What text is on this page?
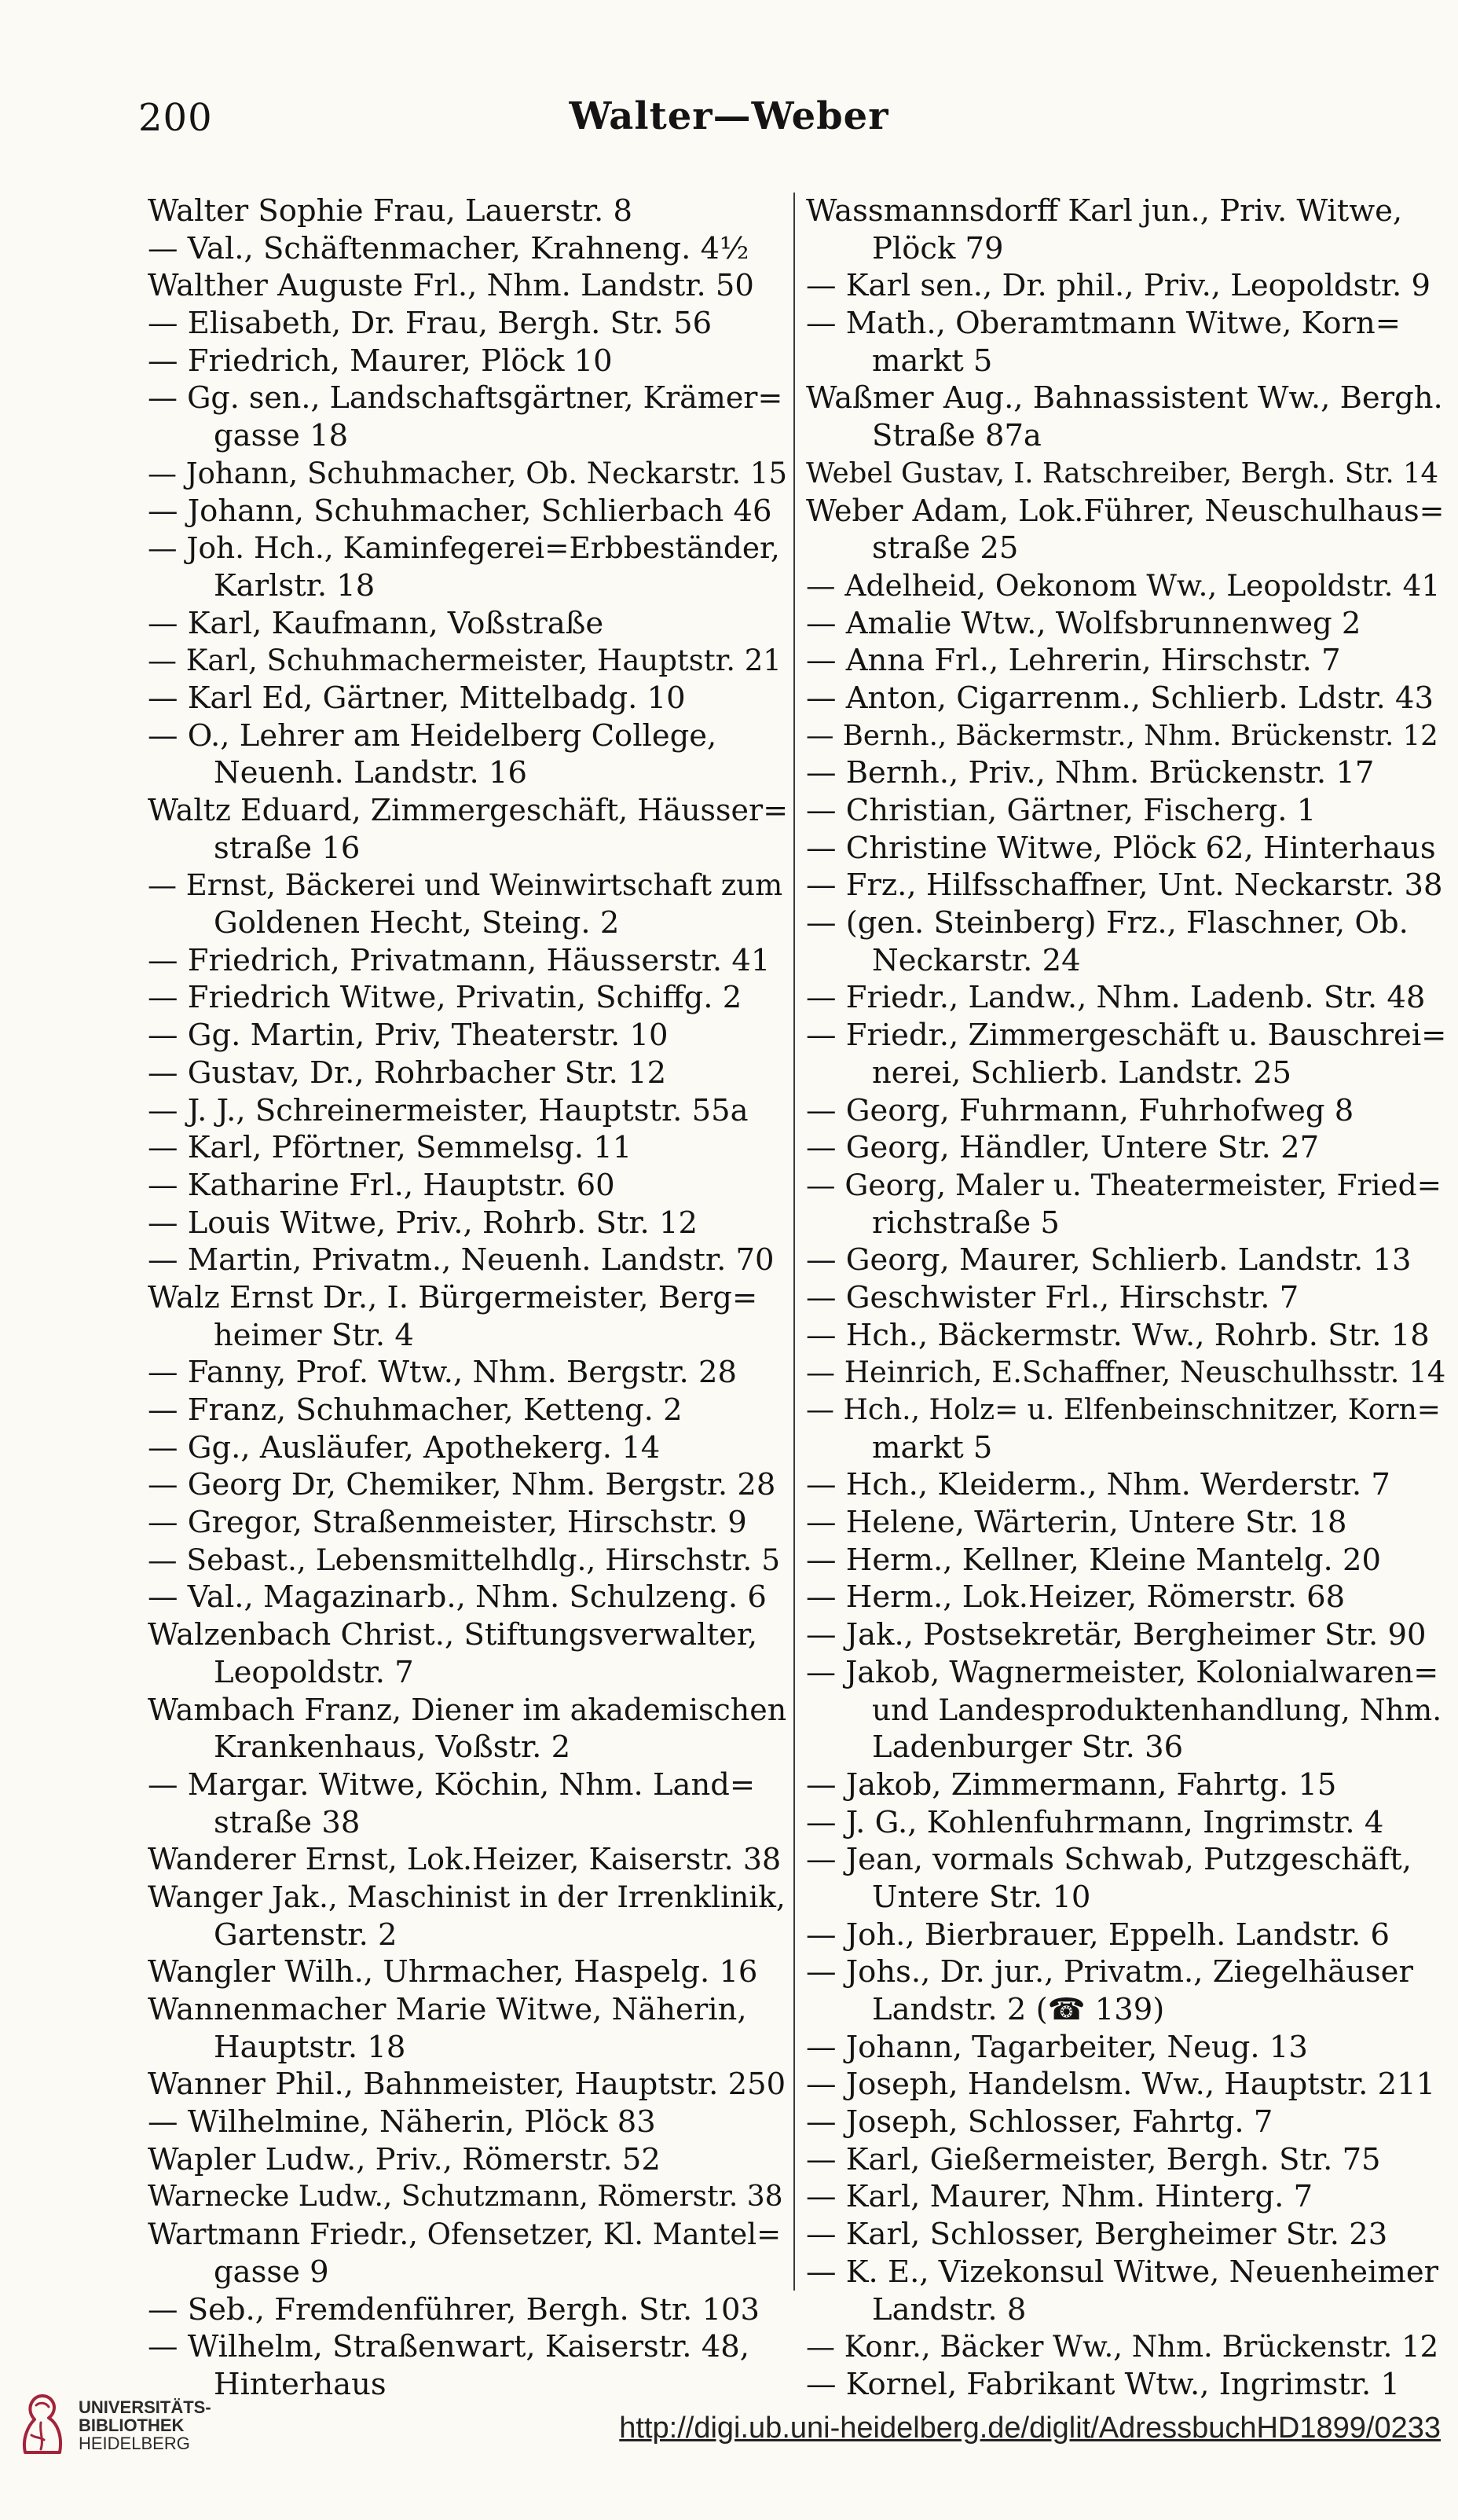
200	Walter—Weber
Walter Sophie Frau, Lauerstr. 8
— Val., Schäftenmacher, Krahneng. 4½
Walther Auguste Frl., Nhm. Landstr. 50
— Elisabeth, Dr. Frau, Bergh. Str. 56
— Friedrich, Maurer, Plöck 10
— Gg. sen., Landschaftsgärtner, Krämer=
gasse 18
— Johann, Schuhmacher, Ob. Neckarstr. 15
— Johann, Schuhmacher, Schlierbach 46
— Joh. Hch., Kaminfegerei=Erbbeständer,
Karlstr. 18
— Karl, Kaufmann, Voßstraße
— Karl, Schuhmachermeister, Hauptstr. 21
— Karl Ed, Gärtner, Mittelbadg. 10
— O., Lehrer am Heidelberg College,
Neuenh. Landstr. 16
Waltz Eduard, Zimmergeschäft, Häusser=
straße 16
— Ernst, Bäckerei und Weinwirtschaft zum
Goldenen Hecht, Steing. 2
— Friedrich, Privatmann, Häusserstr. 41
— Friedrich Witwe, Privatin, Schiffg. 2
— Gg. Martin, Priv, Theaterstr. 10
— Gustav, Dr., Rohrbacher Str. 12
— J. J., Schreinermeister, Hauptstr. 55a
— Karl, Pförtner, Semmelsg. 11
— Katharine Frl., Hauptstr. 60
— Louis Witwe, Priv., Rohrb. Str. 12
— Martin, Privatm., Neuenh. Landstr. 70
Walz Ernst Dr., I. Bürgermeister, Berg=
heimer Str. 4
— Fanny, Prof. Wtw., Nhm. Bergstr. 28
— Franz, Schuhmacher, Ketteng. 2
— Gg., Ausläufer, Apothekerg. 14
— Georg Dr, Chemiker, Nhm. Bergstr. 28
— Gregor, Straßenmeister, Hirschstr. 9
— Sebast., Lebensmittelhdlg., Hirschstr. 5
— Val., Magazinarb., Nhm. Schulzeng. 6
Walzenbach Christ., Stiftungsverwalter,
Leopoldstr. 7
Wambach Franz, Diener im akademischen
Krankenhaus, Voßstr. 2
— Margar. Witwe, Köchin, Nhm. Land=
straße 38
Wanderer Ernst, Lok.Heizer, Kaiserstr. 38
Wanger Jak., Maschinist in der Irrenklinik,
Gartenstr. 2
Wangler Wilh., Uhrmacher, Haspelg. 16
Wannenmacher Marie Witwe, Näherin,
Hauptstr. 18
Wanner Phil., Bahnmeister, Hauptstr. 250
— Wilhelmine, Näherin, Plöck 83
Wapler Ludw., Priv., Römerstr. 52
Warnecke Ludw., Schutzmann, Römerstr. 38
Wartmann Friedr., Ofensetzer, Kl. Mantel=
gasse 9
— Seb., Fremdenführer, Bergh. Str. 103
— Wilhelm, Straßenwart, Kaiserstr. 48,
Hinterhaus
Wassmannsdorff Karl jun., Priv. Witwe,
Plöck 79
— Karl sen., Dr. phil., Priv., Leopoldstr. 9
— Math., Oberamtmann Witwe, Korn=
markt 5
Waßmer Aug., Bahnassistent Ww., Bergh.
Straße 87a
Webel Gustav, I. Ratschreiber, Bergh. Str. 14
Weber Adam, Lok.Führer, Neuschulhaus=
straße 25
— Adelheid, Oekonom Ww., Leopoldstr. 41
— Amalie Wtw., Wolfsbrunnenweg 2
— Anna Frl., Lehrerin, Hirschstr. 7
— Anton, Cigarrenm., Schlierb. Ldstr. 43
— Bernh., Bäckermstr., Nhm. Brückenstr. 12
— Bernh., Priv., Nhm. Brückenstr. 17
— Christian, Gärtner, Fischerg. 1
— Christine Witwe, Plöck 62, Hinterhaus
— Frz., Hilfsschaffner, Unt. Neckarstr. 38
— (gen. Steinberg) Frz., Flaschner, Ob.
Neckarstr. 24
— Friedr., Landw., Nhm. Ladenb. Str. 48
— Friedr., Zimmergeschäft u. Bauschrei=
nerei, Schlierb. Landstr. 25
— Georg, Fuhrmann, Fuhrhofweg 8
— Georg, Händler, Untere Str. 27
— Georg, Maler u. Theatermeister, Fried=
richstraße 5
— Georg, Maurer, Schlierb. Landstr. 13
— Geschwister Frl., Hirschstr. 7
— Hch., Bäckermstr. Ww., Rohrb. Str. 18
— Heinrich, E.Schaffner, Neuschulhsstr. 14
— Hch., Holz= u. Elfenbeinschnitzer, Korn=
markt 5
— Hch., Kleiderm., Nhm. Werderstr. 7
— Helene, Wärterin, Untere Str. 18
— Herm., Kellner, Kleine Mantelg. 20
— Herm., Lok.Heizer, Römerstr. 68
— Jak., Postsekretär, Bergheimer Str. 90
— Jakob, Wagnermeister, Kolonialwaren=
und Landesproduktenhandlung, Nhm.
Ladenburger Str. 36
— Jakob, Zimmermann, Fahrtg. 15
— J. G., Kohlenfuhrmann, Ingrimstr. 4
— Jean, vormals Schwab, Putzgeschäft,
Untere Str. 10
— Joh., Bierbrauer, Eppelh. Landstr. 6
— Johs., Dr. jur., Privatm., Ziegelhäuser
Landstr. 2 (☎ 139)
— Johann, Tagarbeiter, Neug. 13
— Joseph, Handelsm. Ww., Hauptstr. 211
— Joseph, Schlosser, Fahrtg. 7
— Karl, Gießermeister, Bergh. Str. 75
— Karl, Maurer, Nhm. Hinterg. 7
— Karl, Schlosser, Bergheimer Str. 23
— K. E., Vizekonsul Witwe, Neuenheimer
Landstr. 8
— Konr., Bäcker Ww., Nhm. Brückenstr. 12
— Kornel, Fabrikant Wtw., Ingrimstr. 1
UNIVERSITÄTS-
BIBLIOTHEK
HEIDELBERG	http://digi.ub.uni-heidelberg.de/diglit/AdressbuchHD1899/0233
